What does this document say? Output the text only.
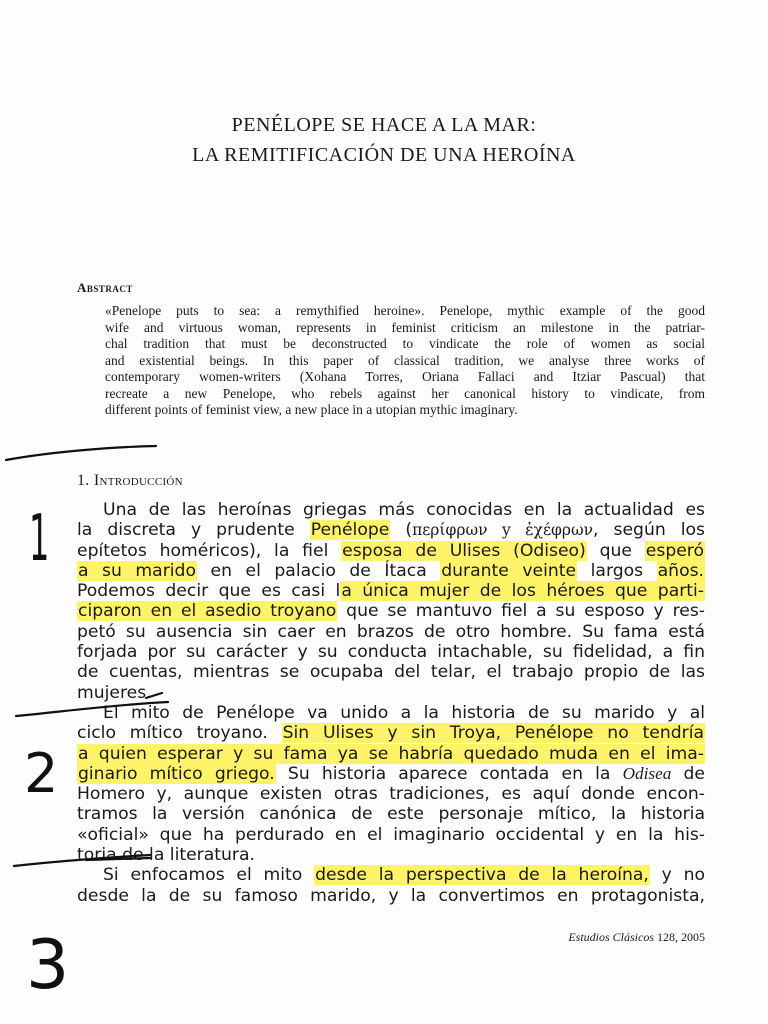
PENÉLOPE SE HACE A LA MAR:
LA REMITIFICACIÓN DE UNA HEROÍNA
Abstract

«Penelope puts to sea: a remythified heroine». Penelope, mythic example of the good
wife and virtuous woman, represents in feminist criticism an milestone in the patriar-
chal tradition that must be deconstructed to vindicate the role of women as social
and existential beings. In this paper of classical tradition, we analyse three works of
contemporary women-writers (Xohana Torres, Oriana Fallaci and Itziar Pascual) that
recreate a new Penelope, who rebels against her canonical history to vindicate, from
different points of feminist view, a new place in a utopian mythic imaginary.

1. Introducción
Una de las heroínas griegas más conocidas en la actualidad es
la discreta y prudente Penélope (περίφρων y ἐχέφρων, según los
epítetos homéricos), la fiel esposa de Ulises (Odiseo) que esperó
a su marido en el palacio de Ítaca durante veinte largos años.
Podemos decir que es casi la única mujer de los héroes que parti-
ciparon en el asedio troyano que se mantuvo fiel a su esposo y res-
petó su ausencia sin caer en brazos de otro hombre. Su fama está
forjada por su carácter y su conducta intachable, su fidelidad, a fin
de cuentas, mientras se ocupaba del telar, el trabajo propio de las
mujeres.
El mito de Penélope va unido a la historia de su marido y al
ciclo mítico troyano. Sin Ulises y sin Troya, Penélope no tendría
a quien esperar y su fama ya se habría quedado muda en el ima-
ginario mítico griego. Su historia aparece contada en la Odisea de
Homero y, aunque existen otras tradiciones, es aquí donde encon-
tramos la versión canónica de este personaje mítico, la historia
«oficial» que ha perdurado en el imaginario occidental y en la his-
toria de la literatura.
Si enfocamos el mito desde la perspectiva de la heroína, y no
desde la de su famoso marido, y la convertimos en protagonista,

Estudios Clásicos 128, 2005

1
2
3
